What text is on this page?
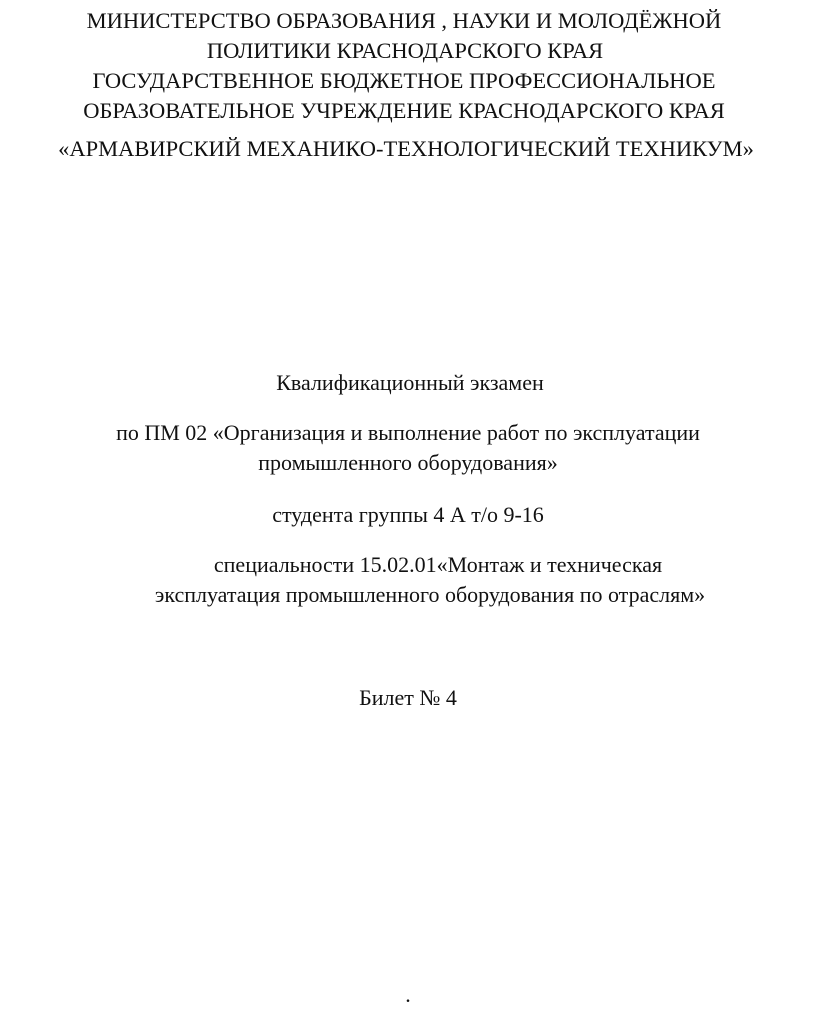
МИНИСТЕРСТВО ОБРАЗОВАНИЯ , НАУКИ И МОЛОДЁЖНОЙ
ПОЛИТИКИ КРАСНОДАРСКОГО КРАЯ
ГОСУДАРСТВЕННОЕ БЮДЖЕТНОЕ ПРОФЕССИОНАЛЬНОЕ
ОБРАЗОВАТЕЛЬНОЕ УЧРЕЖДЕНИЕ КРАСНОДАРСКОГО КРАЯ
«АРМАВИРСКИЙ МЕХАНИКО-ТЕХНОЛОГИЧЕСКИЙ ТЕХНИКУМ»
Квалификационный экзамен
по ПМ 02 «Организация и выполнение работ по эксплуатации
промышленного оборудования»
студента группы 4 А т/о 9-16
специальности 15.02.01«Монтаж и техническая
эксплуатация промышленного оборудования по отраслям»
Билет № 4
.
